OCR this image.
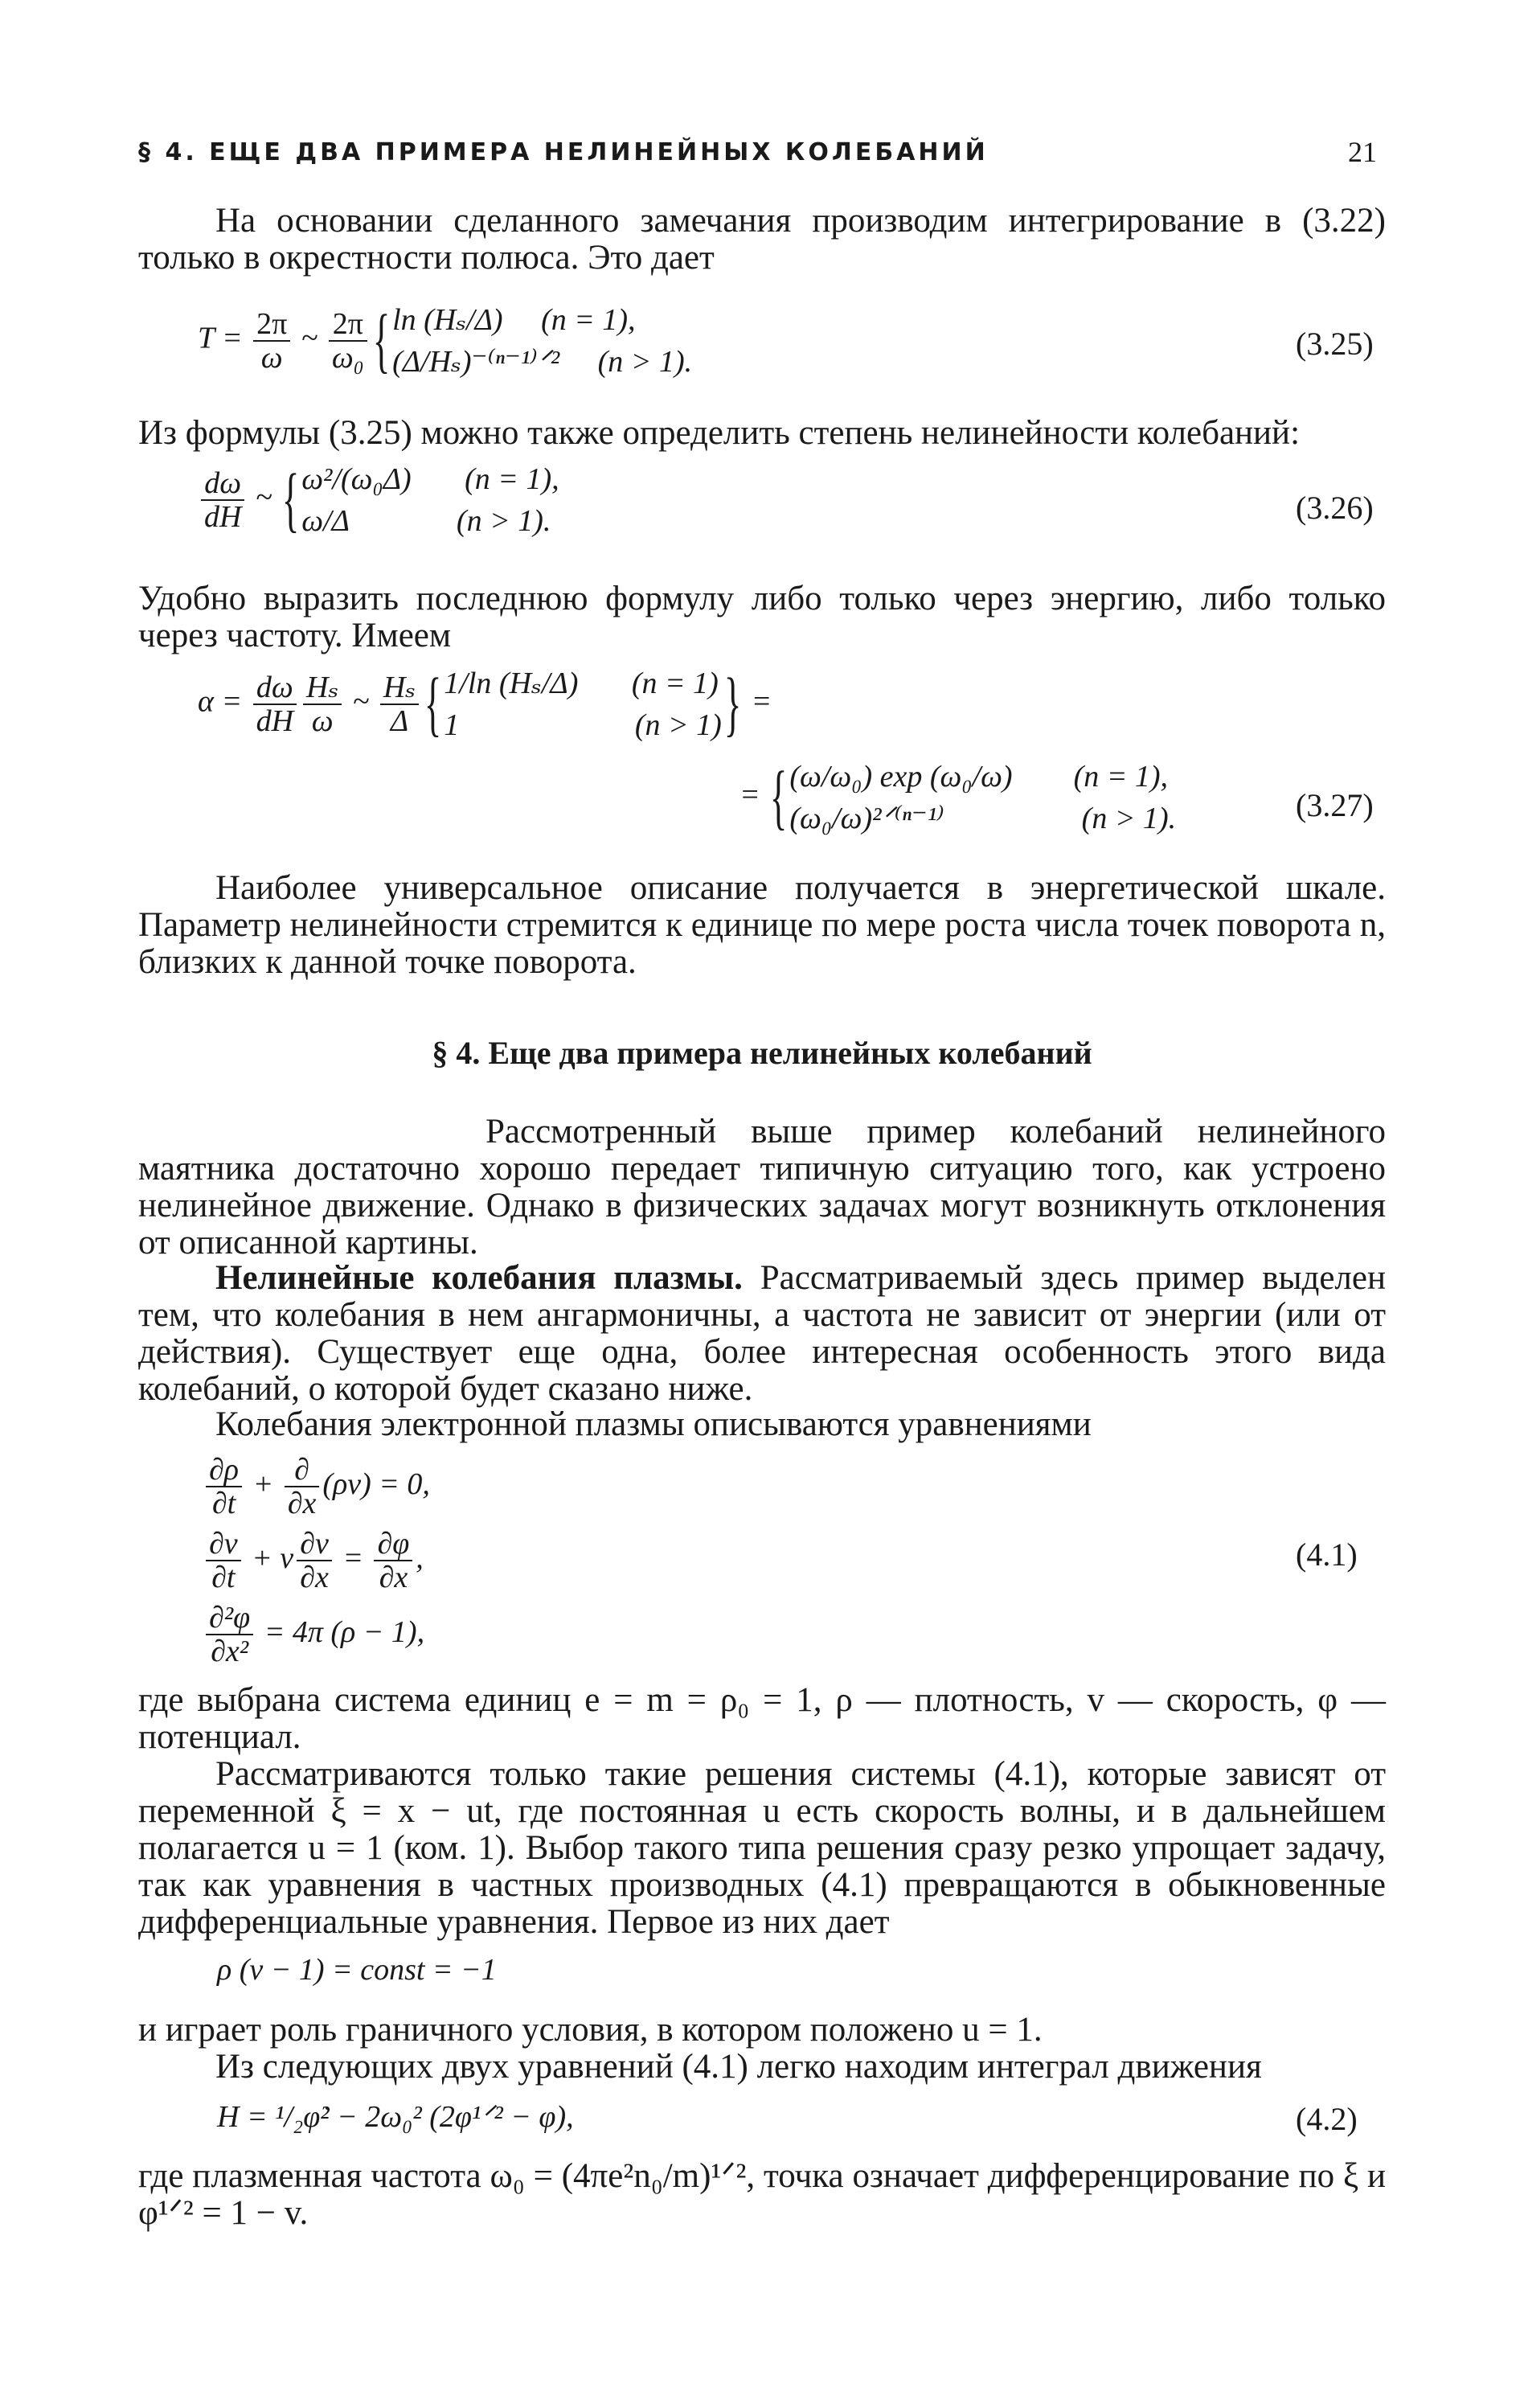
§ 4. ЕЩЕ ДВА ПРИМЕРА НЕЛИНЕЙНЫХ КОЛЕБАНИЙ	21
На основании сделанного замечания производим интегрирование в (3.22) только в окрестности полюса. Это дает
$T = \frac{2\pi}{\omega}$ ~ $\frac{2\pi}{\text{ω₀}} \{\ln$ (Hₛ/Δ) (n = 1),
(Δ/Hₛ)⁻⁽ⁿ⁻¹⁾ᐟ² (n > 1).	(3.25)
Из формулы (3.25) можно также определить степень нелинейности колебаний:
$\frac{d\omega}{dH}$ ~ {ω²/(ω₀Δ) (n = 1),
ω/Δ	(n > 1).	(3.26)
Удобно выразить последнюю формулу либо только через энергию, либо только через частоту. Имеем
$\alpha = \frac{d\omega}{dH} \frac{\text{Hₛ}}{\omega}$ ~ $\frac{\text{Hₛ}}{\Delta} \{1/\ln$ (Hₛ/Δ) (n = 1)
1	(n > 1)} =
= {(ω/ω₀) exp (ω₀/ω) (n = 1),
(ω₀/ω)²ᐟ⁽ⁿ⁻¹⁾	(n > 1).	(3.27)
Наиболее универсальное описание получается в энергетической шкале. Параметр нелинейности стремится к единице по мере роста числа точек поворота n, близких к данной точке поворота.
§ 4. Еще два примера нелинейных колебаний
Рассмотренный выше пример колебаний нелинейного маятника достаточно хорошо передает типичную ситуацию того, как устроено нелинейное движение. Однако в физических задачах могут возникнуть отклонения от описанной картины.
Нелинейные колебания плазмы. Рассматриваемый здесь пример выделен тем, что колебания в нем ангармоничны, а частота не зависит от энергии (или от действия). Существует еще одна, более интересная особенность этого вида колебаний, о которой будет сказано ниже.
Колебания электронной плазмы описываются уравнениями
$\frac{\partial\rho}{\partial t} + \frac{\partial}{\partial x} (\rho v) = 0$,

$\frac{\partial v}{\partial t} + v \frac{\partial v}{\partial x} = \frac{\partial\varphi}{\partial x}$ ,

$\frac{\text{∂²φ}}{\text{∂x²}} = 4\pi$ (ρ − 1),
(4.1)
где выбрана система единиц e = m = ρ₀ = 1, ρ — плотность, v — скорость, φ — потенциал.
Рассматриваются только такие решения системы (4.1), которые зависят от переменной ξ = x − ut, где постоянная u есть скорость волны, и в дальнейшем полагается u = 1 (ком. 1). Выбор такого типа решения сразу резко упрощает задачу, так как уравнения в частных производных (4.1) превращаются в обыкновенные дифференциальные уравнения. Первое из них дает
ρ (v − 1) = const = −1
и играет роль граничного условия, в котором положено u = 1.
Из следующих двух уравнений (4.1) легко находим интеграл движения
H = ¹/₂φ̇² − 2ω₀² (2φ¹ᐟ² − φ),	(4.2)
где плазменная частота ω₀ = (4πe²n₀/m)¹ᐟ², точка означает дифференцирование по ξ и φ¹ᐟ² = 1 − v.
